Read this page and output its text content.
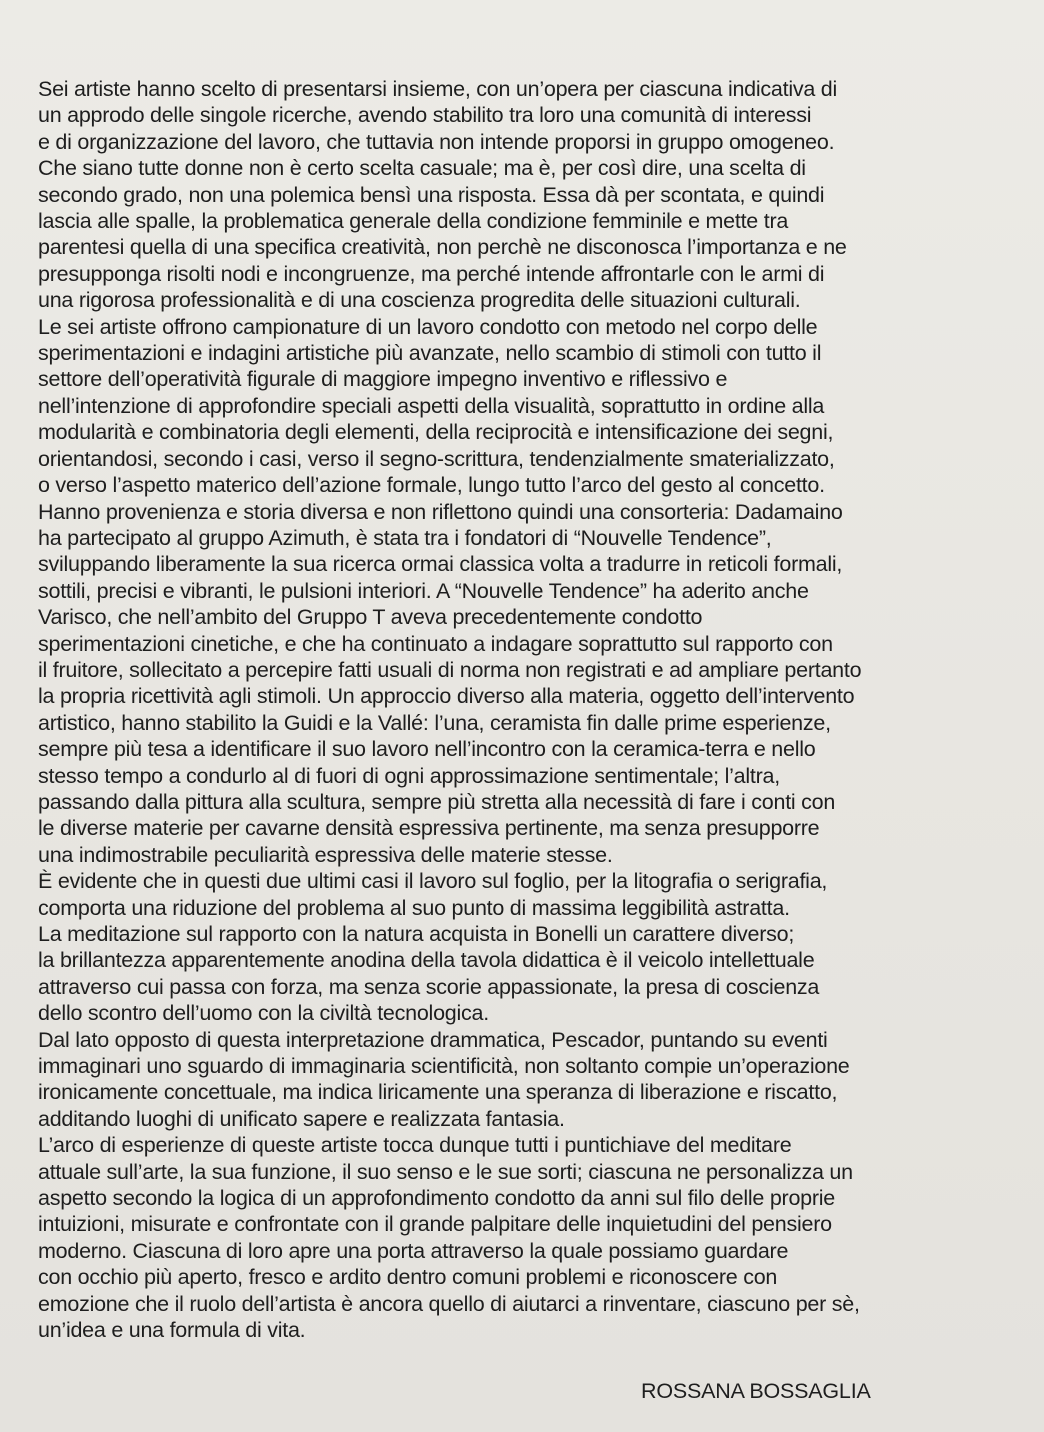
Sei artiste hanno scelto di presentarsi insieme, con un’opera per ciascuna indicativa di
un approdo delle singole ricerche, avendo stabilito tra loro una comunità di interessi
e di organizzazione del lavoro, che tuttavia non intende proporsi in gruppo omogeneo.
Che siano tutte donne non è certo scelta casuale; ma è, per così dire, una scelta di
secondo grado, non una polemica bensì una risposta. Essa dà per scontata, e quindi
lascia alle spalle, la problematica generale della condizione femminile e mette tra
parentesi quella di una specifica creatività, non perchè ne disconosca l’importanza e ne
presupponga risolti nodi e incongruenze, ma perché intende affrontarle con le armi di
una rigorosa professionalità e di una coscienza progredita delle situazioni culturali.
Le sei artiste offrono campionature di un lavoro condotto con metodo nel corpo delle
sperimentazioni e indagini artistiche più avanzate, nello scambio di stimoli con tutto il
settore dell’operatività figurale di maggiore impegno inventivo e riflessivo e
nell’intenzione di approfondire speciali aspetti della visualità, soprattutto in ordine alla
modularità e combinatoria degli elementi, della reciprocità e intensificazione dei segni,
orientandosi, secondo i casi, verso il segno-scrittura, tendenzialmente smaterializzato,
o verso l’aspetto materico dell’azione formale, lungo tutto l’arco del gesto al concetto.
Hanno provenienza e storia diversa e non riflettono quindi una consorteria: Dadamaino
ha partecipato al gruppo Azimuth, è stata tra i fondatori di “Nouvelle Tendence”,
sviluppando liberamente la sua ricerca ormai classica volta a tradurre in reticoli formali,
sottili, precisi e vibranti, le pulsioni interiori. A “Nouvelle Tendence” ha aderito anche
Varisco, che nell’ambito del Gruppo T aveva precedentemente condotto
sperimentazioni cinetiche, e che ha continuato a indagare soprattutto sul rapporto con
il fruitore, sollecitato a percepire fatti usuali di norma non registrati e ad ampliare pertanto
la propria ricettività agli stimoli. Un approccio diverso alla materia, oggetto dell’intervento
artistico, hanno stabilito la Guidi e la Vallé: l’una, ceramista fin dalle prime esperienze,
sempre più tesa a identificare il suo lavoro nell’incontro con la ceramica-terra e nello
stesso tempo a condurlo al di fuori di ogni approssimazione sentimentale; l’altra,
passando dalla pittura alla scultura, sempre più stretta alla necessità di fare i conti con
le diverse materie per cavarne densità espressiva pertinente, ma senza presupporre
una indimostrabile peculiarità espressiva delle materie stesse.
È evidente che in questi due ultimi casi il lavoro sul foglio, per la litografia o serigrafia,
comporta una riduzione del problema al suo punto di massima leggibilità astratta.
La meditazione sul rapporto con la natura acquista in Bonelli un carattere diverso;
la brillantezza apparentemente anodina della tavola didattica è il veicolo intellettuale
attraverso cui passa con forza, ma senza scorie appassionate, la presa di coscienza
dello scontro dell’uomo con la civiltà tecnologica.
Dal lato opposto di questa interpretazione drammatica, Pescador, puntando su eventi
immaginari uno sguardo di immaginaria scientificità, non soltanto compie un’operazione
ironicamente concettuale, ma indica liricamente una speranza di liberazione e riscatto,
additando luoghi di unificato sapere e realizzata fantasia.
L’arco di esperienze di queste artiste tocca dunque tutti i puntichiave del meditare
attuale sull’arte, la sua funzione, il suo senso e le sue sorti; ciascuna ne personalizza un
aspetto secondo la logica di un approfondimento condotto da anni sul filo delle proprie
intuizioni, misurate e confrontate con il grande palpitare delle inquietudini del pensiero
moderno. Ciascuna di loro apre una porta attraverso la quale possiamo guardare
con occhio più aperto, fresco e ardito dentro comuni problemi e riconoscere con
emozione che il ruolo dell’artista è ancora quello di aiutarci a rinventare, ciascuno per sè,
un’idea e una formula di vita.
ROSSANA BOSSAGLIA
